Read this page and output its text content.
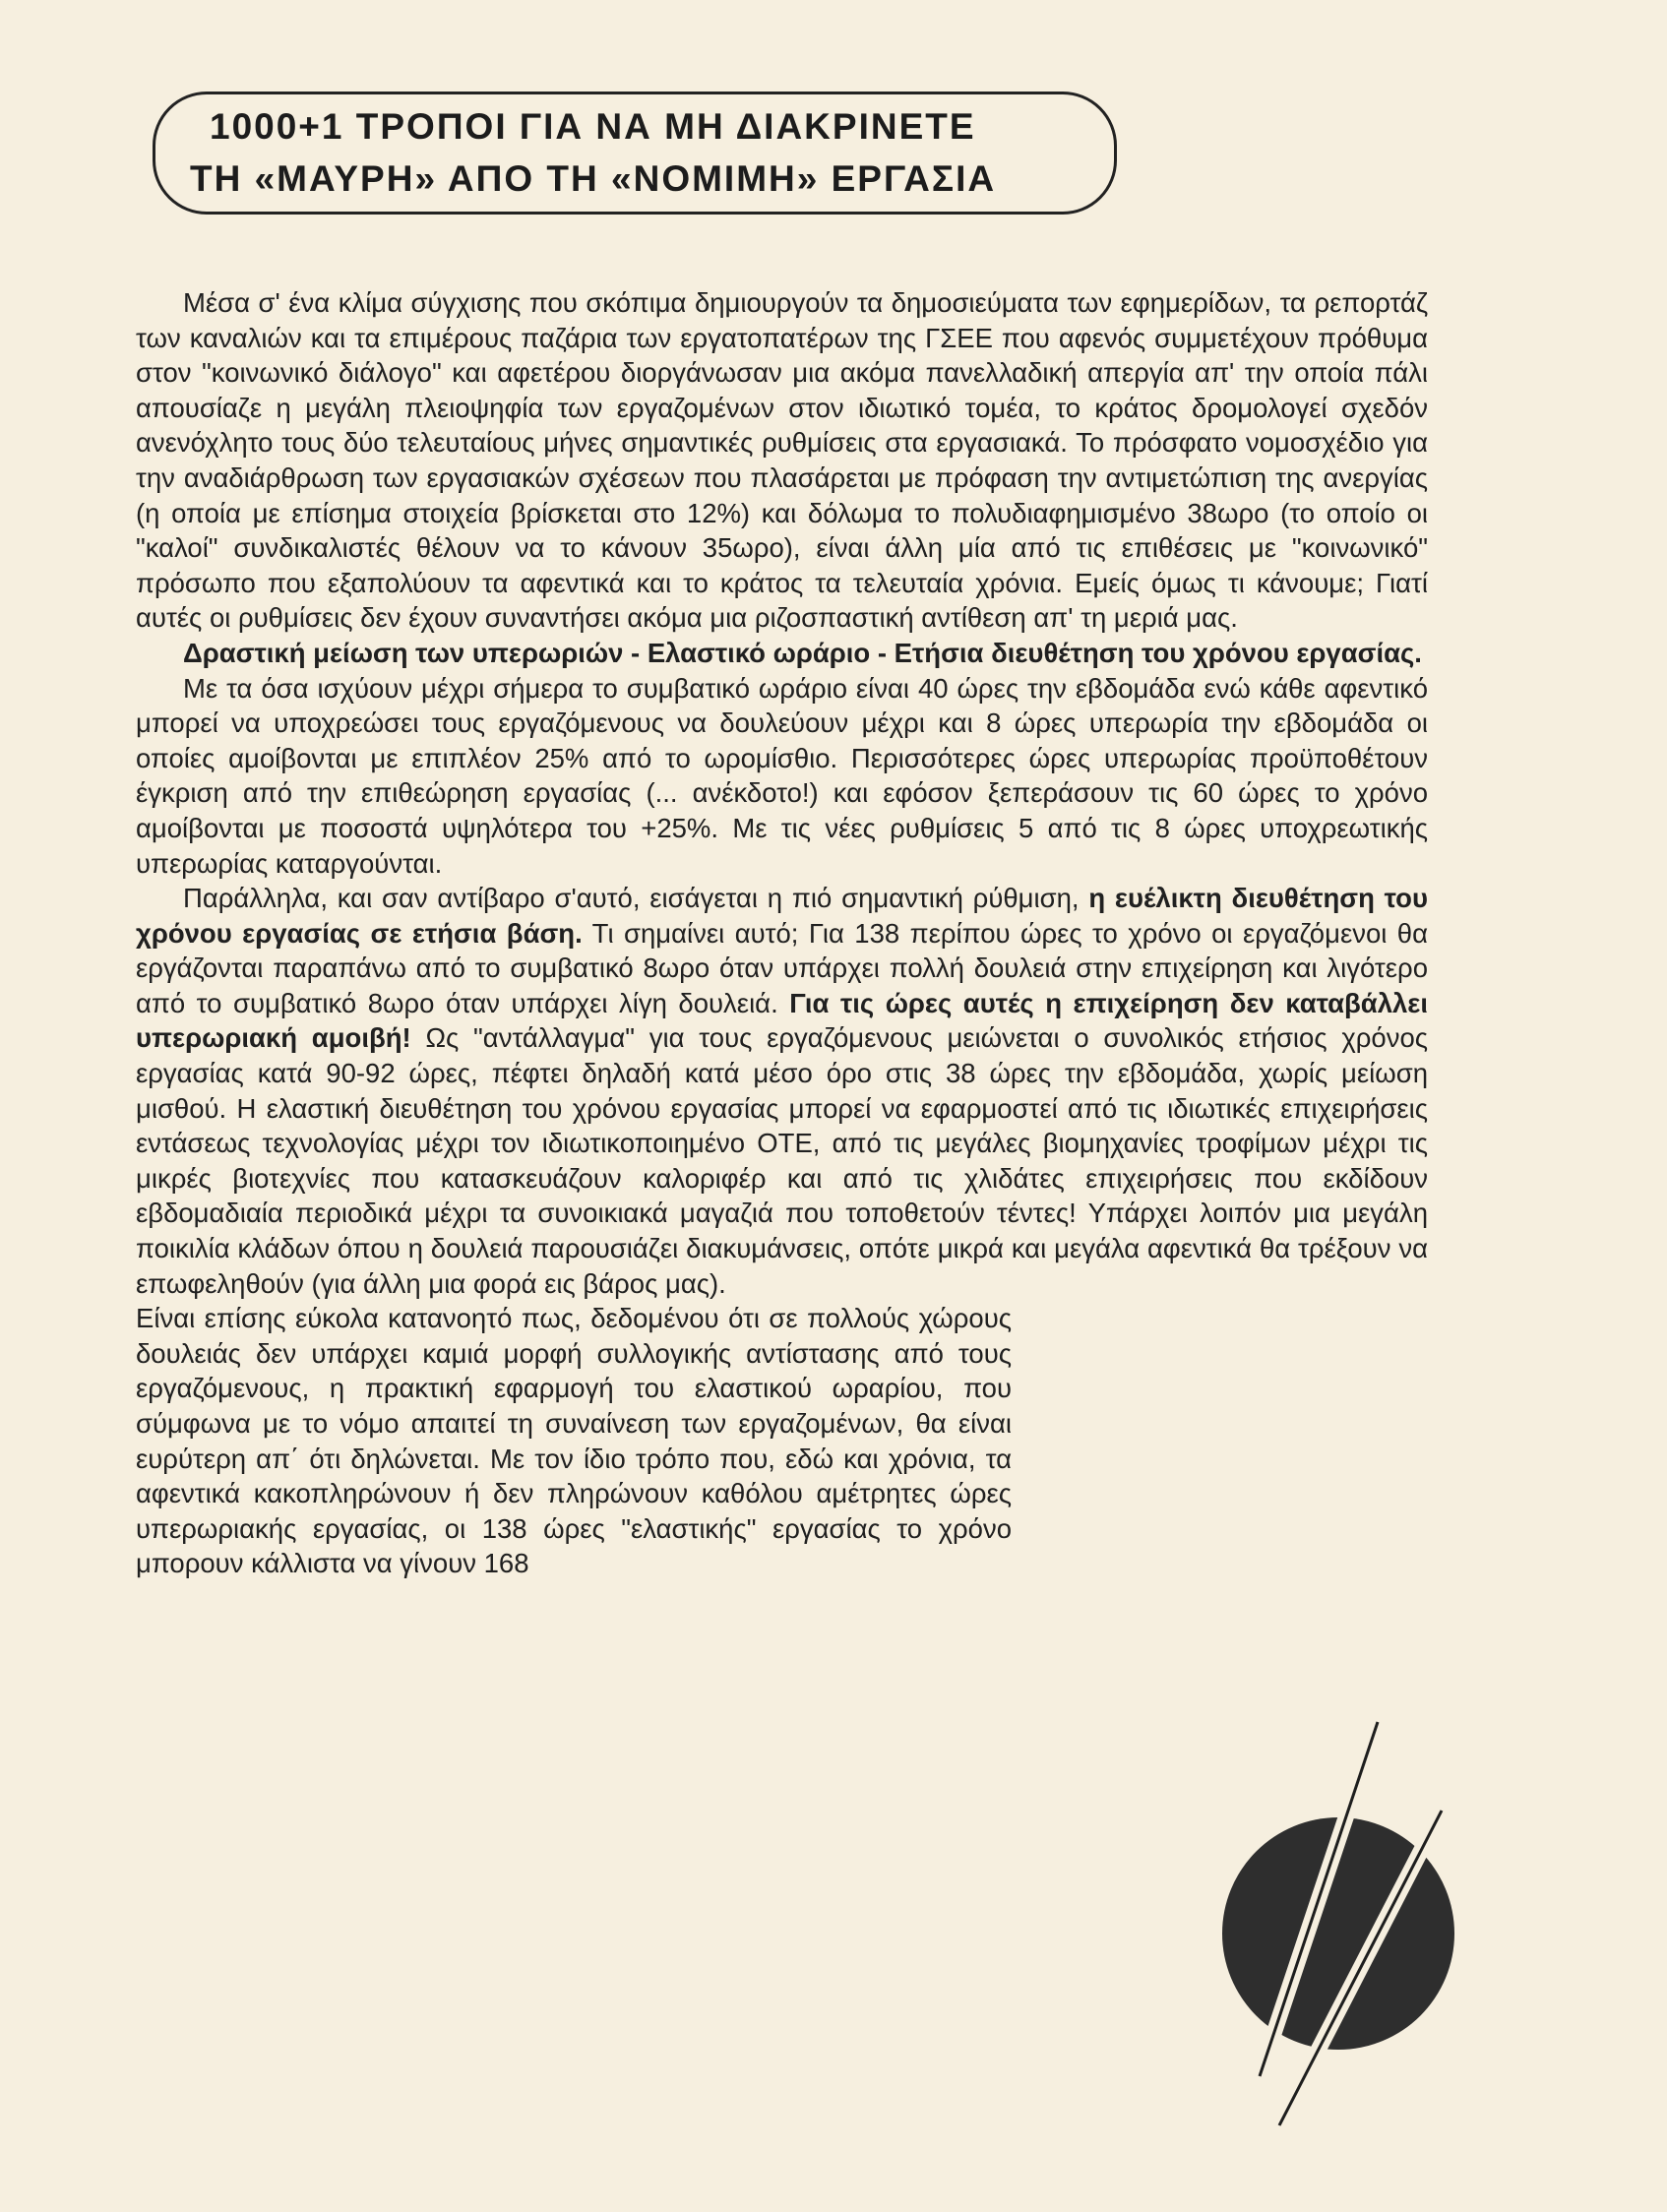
1000+1 ΤΡΟΠΟΙ ΓΙΑ ΝΑ ΜΗ ΔΙΑΚΡΙΝΕΤΕ
ΤΗ «ΜΑΥΡΗ» ΑΠΟ ΤΗ «ΝΟΜΙΜΗ» ΕΡΓΑΣΙΑ

Μέσα σ' ένα κλίμα σύγχισης που σκόπιμα δημιουργούν τα δημοσιεύματα των εφημερίδων, τα ρεπορτάζ των καναλιών και τα επιμέρους παζάρια των εργατοπατέρων της ΓΣΕΕ που αφενός συμμετέχουν πρόθυμα στον "κοινωνικό διάλογο" και αφετέρου διοργάνωσαν μια ακόμα πανελλαδική απεργία απ' την οποία πάλι απουσίαζε η μεγάλη πλειοψηφία των εργαζομένων στον ιδιωτικό τομέα, το κράτος δρομολογεί σχεδόν ανενόχλητο τους δύο τελευταίους μήνες σημαντικές ρυθμίσεις στα εργασιακά. Το πρόσφατο νομοσχέδιο για την αναδιάρθρωση των εργασιακών σχέσεων που πλασάρεται με πρόφαση την αντιμετώπιση της ανεργίας (η οποία με επίσημα στοιχεία βρίσκεται στο 12%) και δόλωμα το πολυδιαφημισμένο 38ωρο (το οποίο οι "καλοί" συνδικαλιστές θέλουν να το κάνουν 35ωρο), είναι άλλη μία από τις επιθέσεις με "κοινωνικό" πρόσωπο που εξαπολύουν τα αφεντικά και το κράτος τα τελευταία χρόνια. Εμείς όμως τι κάνουμε; Γιατί αυτές οι ρυθμίσεις δεν έχουν συναντήσει ακόμα μια ριζοσπαστική αντίθεση απ' τη μεριά μας.

Δραστική μείωση των υπερωριών - Ελαστικό ωράριο - Ετήσια διευθέτηση του χρόνου εργασίας.

Με τα όσα ισχύουν μέχρι σήμερα το συμβατικό ωράριο είναι 40 ώρες την εβδομάδα ενώ κάθε αφεντικό μπορεί να υποχρεώσει τους εργαζόμενους να δουλεύουν μέχρι και 8 ώρες υπερωρία την εβδομάδα οι οποίες αμοίβονται με επιπλέον 25% από το ωρομίσθιο. Περισσότερες ώρες υπερωρίας προϋποθέτουν έγκριση από την επιθεώρηση εργασίας (... ανέκδοτο!) και εφόσον ξεπεράσουν τις 60 ώρες το χρόνο αμοίβονται με ποσοστά υψηλότερα του +25%. Με τις νέες ρυθμίσεις 5 από τις 8 ώρες υποχρεωτικής υπερωρίας καταργούνται.

Παράλληλα, και σαν αντίβαρο σ'αυτό, εισάγεται η πιό σημαντική ρύθμιση, η ευέλικτη διευθέτηση του χρόνου εργασίας σε ετήσια βάση. Τι σημαίνει αυτό; Για 138 περίπου ώρες το χρόνο οι εργαζόμενοι θα εργάζονται παραπάνω από το συμβατικό 8ωρο όταν υπάρχει πολλή δουλειά στην επιχείρηση και λιγότερο από το συμβατικό 8ωρο όταν υπάρχει λίγη δουλειά. Για τις ώρες αυτές η επιχείρηση δεν καταβάλλει υπερωριακή αμοιβή! Ως "αντάλλαγμα" για τους εργαζόμενους μειώνεται ο συνολικός ετήσιος χρόνος εργασίας κατά 90-92 ώρες, πέφτει δηλαδή κατά μέσο όρο στις 38 ώρες την εβδομάδα, χωρίς μείωση μισθού. Η ελαστική διευθέτηση του χρόνου εργασίας μπορεί να εφαρμοστεί από τις ιδιωτικές επιχειρήσεις εντάσεως τεχνολογίας μέχρι τον ιδιωτικοποιημένο ΟΤΕ, από τις μεγάλες βιομηχανίες τροφίμων μέχρι τις μικρές βιοτεχνίες που κατασκευάζουν καλοριφέρ και από τις χλιδάτες επιχειρήσεις που εκδίδουν εβδομαδιαία περιοδικά μέχρι τα συνοικιακά μαγαζιά που τοποθετούν τέντες! Υπάρχει λοιπόν μια μεγάλη ποικιλία κλάδων όπου η δουλειά παρουσιάζει διακυμάνσεις, οπότε μικρά και μεγάλα αφεντικά θα τρέξουν να επωφεληθούν (για άλλη μια φορά εις βάρος μας).

Είναι επίσης εύκολα κατανοητό πως, δεδομένου ότι σε πολλούς χώρους δουλειάς δεν υπάρχει καμιά μορφή συλλογικής αντίστασης από τους εργαζόμενους, η πρακτική εφαρμογή του ελαστικού ωραρίου, που σύμφωνα με το νόμο απαιτεί τη συναίνεση των εργαζομένων, θα είναι ευρύτερη απ΄ ότι δηλώνεται. Με τον ίδιο τρόπο που, εδώ και χρόνια, τα αφεντικά κακοπληρώνουν ή δεν πληρώνουν καθόλου αμέτρητες ώρες υπερωριακής εργασίας, οι 138 ώρες "ελαστικής" εργασίας το χρόνο μπορουν κάλλιστα να γίνουν 168
